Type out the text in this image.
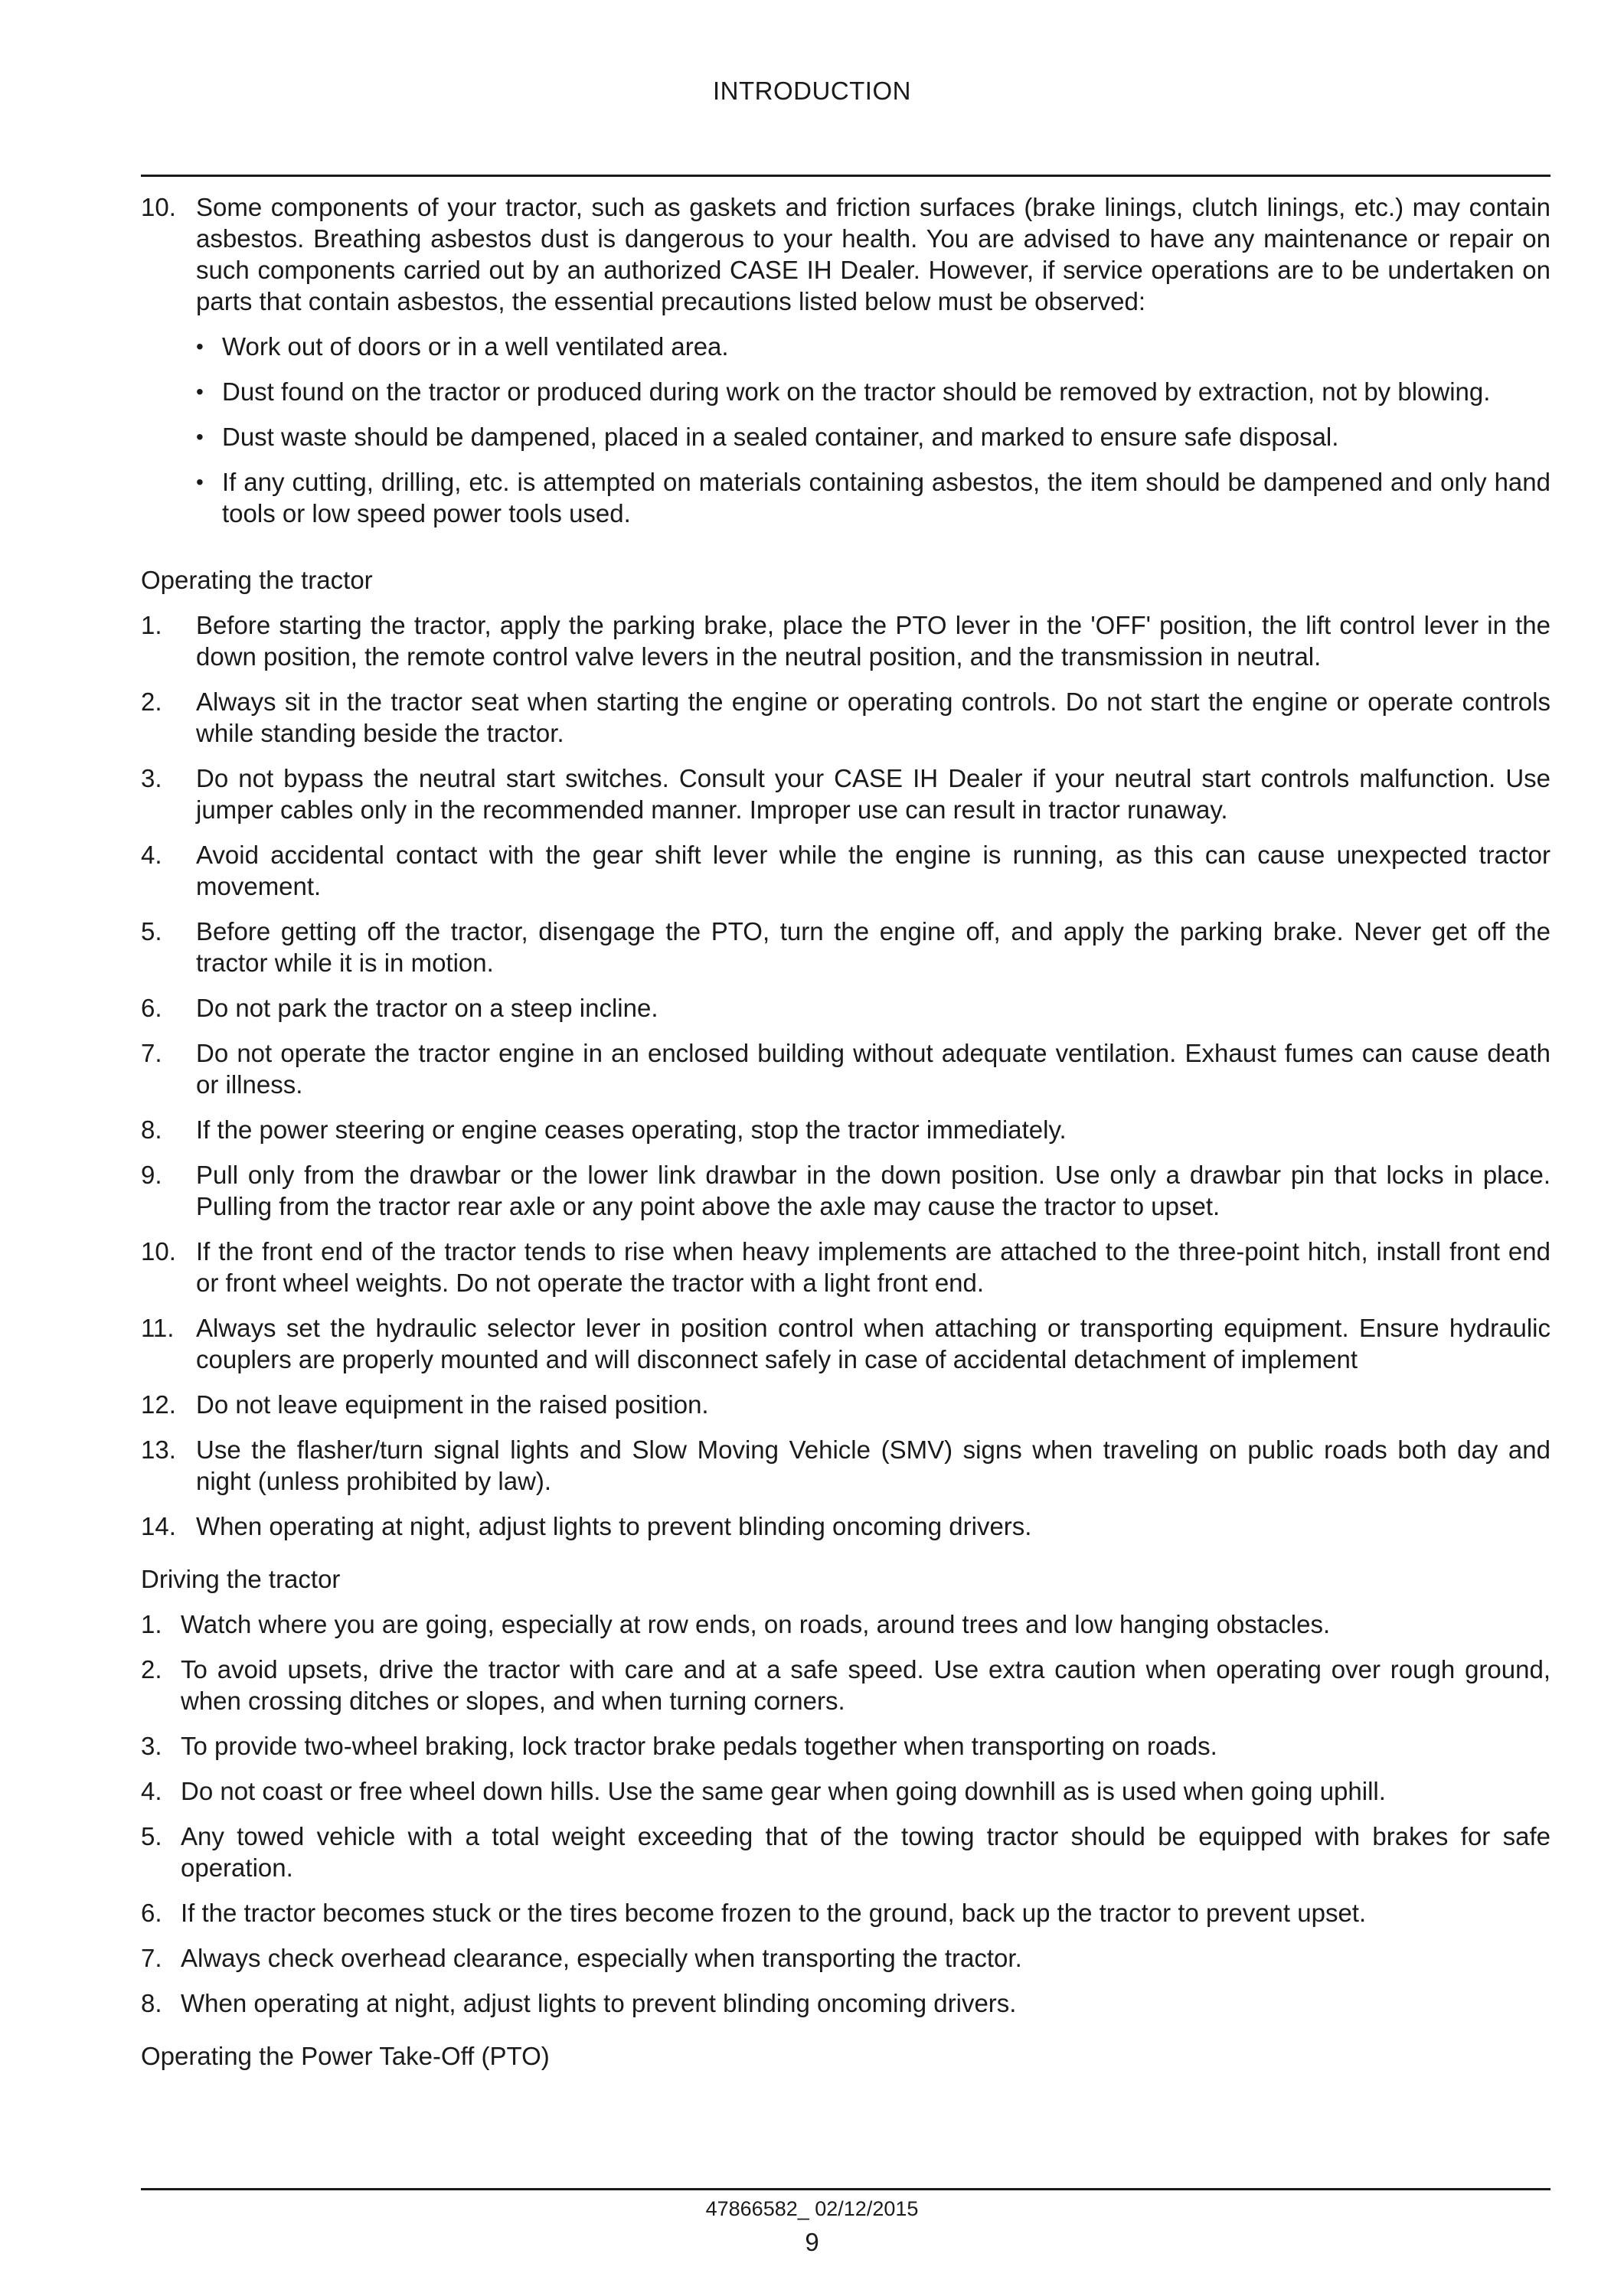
INTRODUCTION
10. Some components of your tractor, such as gaskets and friction surfaces (brake linings, clutch linings, etc.) may contain asbestos. Breathing asbestos dust is dangerous to your health. You are advised to have any maintenance or repair on such components carried out by an authorized CASE IH Dealer. However, if service operations are to be undertaken on parts that contain asbestos, the essential precautions listed below must be observed:
• Work out of doors or in a well ventilated area.
• Dust found on the tractor or produced during work on the tractor should be removed by extraction, not by blowing.
• Dust waste should be dampened, placed in a sealed container, and marked to ensure safe disposal.
• If any cutting, drilling, etc. is attempted on materials containing asbestos, the item should be dampened and only hand tools or low speed power tools used.
Operating the tractor
1.	Before starting the tractor, apply the parking brake, place the PTO lever in the 'OFF' position, the lift control lever in the down position, the remote control valve levers in the neutral position, and the transmission in neutral.
2.	Always sit in the tractor seat when starting the engine or operating controls. Do not start the engine or operate controls while standing beside the tractor.
3.	Do not bypass the neutral start switches. Consult your CASE IH Dealer if your neutral start controls malfunction. Use jumper cables only in the recommended manner. Improper use can result in tractor runaway.
4.	Avoid accidental contact with the gear shift lever while the engine is running, as this can cause unexpected tractor movement.
5.	Before getting off the tractor, disengage the PTO, turn the engine off, and apply the parking brake. Never get off the tractor while it is in motion.
6.	Do not park the tractor on a steep incline.
7.	Do not operate the tractor engine in an enclosed building without adequate ventilation. Exhaust fumes can cause death or illness.
8.	If the power steering or engine ceases operating, stop the tractor immediately.
9.	Pull only from the drawbar or the lower link drawbar in the down position. Use only a drawbar pin that locks in place. Pulling from the tractor rear axle or any point above the axle may cause the tractor to upset.
10. If the front end of the tractor tends to rise when heavy implements are attached to the three-point hitch, install front end or front wheel weights. Do not operate the tractor with a light front end.
11. Always set the hydraulic selector lever in position control when attaching or transporting equipment. Ensure hydraulic couplers are properly mounted and will disconnect safely in case of accidental detachment of implement
12. Do not leave equipment in the raised position.
13. Use the flasher/turn signal lights and Slow Moving Vehicle (SMV) signs when traveling on public roads both day and night (unless prohibited by law).
14. When operating at night, adjust lights to prevent blinding oncoming drivers.
Driving the tractor
1. Watch where you are going, especially at row ends, on roads, around trees and low hanging obstacles.
2. To avoid upsets, drive the tractor with care and at a safe speed. Use extra caution when operating over rough ground, when crossing ditches or slopes, and when turning corners.
3. To provide two-wheel braking, lock tractor brake pedals together when transporting on roads.
4. Do not coast or free wheel down hills. Use the same gear when going downhill as is used when going uphill.
5. Any towed vehicle with a total weight exceeding that of the towing tractor should be equipped with brakes for safe operation.
6. If the tractor becomes stuck or the tires become frozen to the ground, back up the tractor to prevent upset.
7. Always check overhead clearance, especially when transporting the tractor.
8. When operating at night, adjust lights to prevent blinding oncoming drivers.
Operating the Power Take-Off (PTO)
47866582_ 02/12/2015
9
